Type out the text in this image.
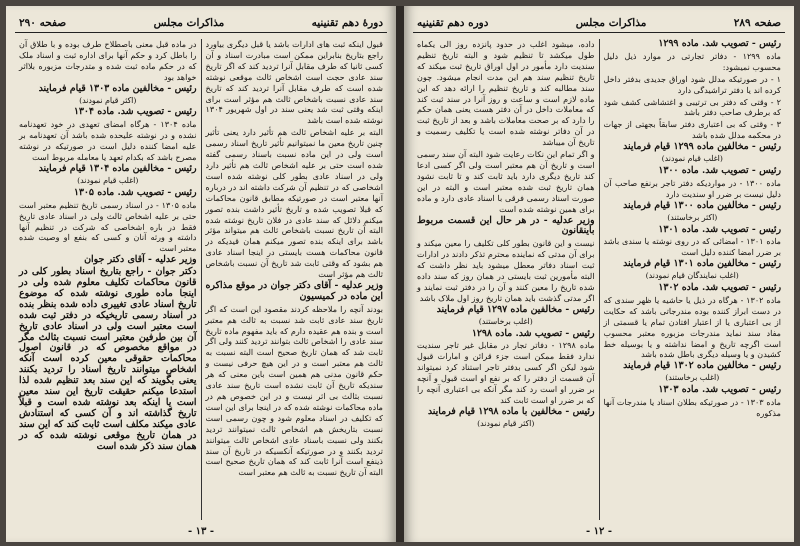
دورهٔ دهم تقنینیه
مذاکرات مجلس
صفحه ۲۹۰

قبول اینکه ثبت های ادارات باشد یا قبل دیگری بیاورد راجع بتاریخ بنابراین ممکن است مبادرت اسناد و آن کسی ثانیا که طرف مقابل آنرا تردید کند که اگر تاریخ سند عادی حجت است اشخاص ثالث موقعی نوشته شده است که طرف مقابل آنرا تردید کند که تاریخ سند عادی نسبت باشخاص ثالث هم مؤثر است برای اینکه وقتی ثبت شد یعنی سند در اول شهریور ۱۳۰۴ نوشته شده است باشد

البته بر علیه اشخاص ثالث هم تأثیر دارد یعنی تأثیر چنین تاریخ معین ما نمیتوانیم تأثیر تاریخ اسناد رسمی است ولی در این ماده نسبت باسناد رسمی گفته شده است حتی بر علیه اشخاص ثالث هم تأثیر دارد ولی در اسناد عادی بطور کلی نوشته شده است اشخاصی که در تنظیم آن شرکت داشته اند در درباره آنها معتبر است در صورتیکه مطابق قانون محاکمات که قبلا تصویب شده و تاریخ تأثیر داشت بنده تصور میکنم دلائل که سند عادی در فلان تاریخ نوشته شده البته آن تاریخ نسبت باشخاص ثالث هم میتواند مؤثر باشد برای اینکه بنده تصور میکنم همان قیدیکه در قانون محاکمات هست بایستی در اینجا اسناد عادی هم بشود که وقتی ثابت شد تاریخ آن نسبت باشخاص ثالث هم مؤثر است

وزیر عدلیه - آقای دکتر جوان در موقع مذاکره این ماده در کمیسیون

بودند آنچه را ملاحظه کردند مقصود این است که اگر تاریخ سند عادی ثابت شد نسبت به ثالث هم معتبر است و بنده هم عقیده دارم که باید مفهوم ماده تاریخ سند عادی را اشخاص ثالث بتوانند تردید کنند ولی اگر ثابت شد که همان تاریخ صحیح است البته نسبت به ثالث هم معتبر است و در این هیچ حرفی نیست و حکم قانون مدنی هم همین است باین معنی که هر سندیکه تاریخ آن ثابت نشده است تاریخ سند عادی نسبت بثالث بی اثر نیست و در این خصوص هم در ماده محاکمات نوشته شده که در اینجا برای این است که تکلیف در اسناد معلوم شود و چون رسمی است نسبت بتاریخش هم اشخاص ثالث نمیتوانند تردید بکنند ولی نسبت باسناد عادی اشخاص ثالث میتوانند تردید بکنند و در صورتیکه آنکسیکه در تاریخ آن سند ذینفع است آنرا ثابت کند که همان تاریخ صحیح است البته آن تاریخ نسبت به ثالث هم معتبر است

در ماده قبل معنی باصطلاح طرف بوده و با طلاق آن را باطل کرد و حکم آنها برای اداره ثبت و اسناد ملک که در حکم ماده ثبت شده و متدرجات مزبوره بلااثر خواهد بود

رئیس - مخالفین ماده ۱۳۰۳ قیام فرمایند

(اکثر قیام نمودند)

رئیس - تصویب شد. ماده ۱۳۰۴

ماده ۱۳۰۴ - هرگاه امضای تعهدی در خود تعهدنامه نشده و در نوشته علیحده شده باشد آن تعهدنامه بر علیه امضا کننده دلیل است در صورتیکه در نوشته مصرح باشد که بکدام تعهد یا معامله مربوط است

رئیس - مخالفین ماده ۱۳۰۴ قیام فرمایند

(اغلب قیام نمودند)

رئیس - تصویب شد. ماده ۱۳۰۵

ماده ۱۳۰۵ - در اسناد رسمی تاریخ تنظیم معتبر است حتی بر علیه اشخاص ثالث ولی در اسناد عادی تاریخ فقط در باره اشخاصی که شرکت در تنظیم آنها داشته و ورثه آنان و کسی که بنفع او وصیت شده معتبر است

وزیر عدلیه - آقای دکتر جوان

دکتر جوان - راجع بتاریخ اسناد بطور کلی در قانون محاکمات تکلیف معلوم شده ولی در اینجا ماده طوری نوشته شده که موضوع تاریخ اسناد عادی تغییری داده شده بنظر بنده در اسناد رسمی تاریخیکه در دفتر ثبت شده است معتبر است ولی در اسناد عادی تاریخ آن بین طرفین معتبر است نسبت بثالث مگر در مواقع مخصوص که در قانون اصول محاکمات حقوقی معین کرده است آنکه اشخاص میتوانند تاریخ اسناد را تردید بکنند یعنی بگویند که این سند بعد تنظیم شده لذا استدعا میکنم حقیقت تاریخ این سند معین است یا اینکه بعد نوشته شده است و قبلاً تاریخ گذاشته اند و آن کسی که استنادش عادی میکند مکلف است ثابت کند که این سند در همان تاریخ موقعی نوشته شده که در همان سند ذکر شده است

- ۱۳ -
صفحه ۲۸۹
مذاکرات مجلس
دوره دهم تقنینیه

رئیس - تصویب شد. ماده ۱۲۹۹

ماده ۱۲۹۹ - دفاتر تجارتی در موارد ذیل دلیل محسوب نمیشود:

۱ - در صورتیکه مدلل شود اوراق جدیدی بدفتر داخل کرده اند یا دفتر تراشیدگی دارد

۲ - وقتی که دفتر بی ترتیبی و اغتشاشی کشف شود که برطرف صاحب دفتر باشد

۳ - وقتی که بی اعتباری دفتر سابقاً بجهتی از جهات در محکمه مدلل شده باشد

رئیس - مخالفین ماده ۱۲۹۹ قیام فرمایند

(اغلب قیام نمودند)

رئیس - تصویب شد. ماده ۱۳۰۰

ماده ۱۳۰۰ - در مواردیکه دفتر تاجر برنفع صاحب آن دلیل نیست بر ضرر او سندیت دارد

رئیس - مخالفین ماده ۱۳۰۰ قیام فرمایند

(اکثر برخاستند)

رئیس - تصویب شد. ماده ۱۳۰۱

ماده ۱۳۰۱ - امضائی که در روی نوشته یا سندی باشد بر ضرر امضا کننده دلیل است

رئیس - مخالفین ماده ۱۳۰۱ قیام فرمایند

(اغلب نمایندگان قیام نمودند)

رئیس - تصویب شد. ماده ۱۳۰۲

ماده ۱۳۰۲ - هرگاه در ذیل یا حاشیه یا ظهر سندی که در دست ابراز کننده بوده مندرجاتی باشد که حکایت از بی اعتباری یا از اعتبار افتادن تمام یا قسمتی از مفاد سند نماید مندرجات مزبوره معتبر محسوب است اگرچه تاریخ و امضا نداشته و یا بوسیله خط کشیدن و یا وسیله دیگری باطل شده باشد

رئیس - مخالفین ماده ۱۳۰۲ قیام فرمایند

(اغلب برخاستند)

رئیس - تصویب شد. ماده ۱۳۰۳

ماده ۱۳۰۳ - در صورتیکه بطلان اسناد یا مندرجات آنها مذکوره

داده، میشود اغلب در حدود پانزده روز الی یکماه طول میکشد تا تنظیم شود و البته تاریخ تنظیم سندیت دارد مأمور در اول اوراق تاریخ ثبت میکند که تاریخ تنظیم سند هم این مدت انجام میشود. چون سند مطالبه کند و تاریخ تنظیم را ارائه دهد که این ماده لازم است و ساعت و روز آنرا در سند ثبت کند که معاملات داخل در آن دفتر هست یعنی همان حکم را دارد که بر صحت معاملات باشد و بعد از تاریخ ثبت در آن دفاتر نوشته شده است یا تکلیف رسمیت و تاریخ آن میباشد

و اگر تمام این نکات رعایت شود البته آن سند رسمی است و تاریخ آن هم معتبر است ولی اگر کسی ادعا کند تاریخ دیگری دارد باید ثابت کند و تا ثابت نشود همان تاریخ ثبت شده معتبر است و البته در این صورت اسناد رسمی فرقی با اسناد عادی دارد و ماده برای همین نوشته شده است

وزیر عدلیه - در هر حال این قسمت مربوط باینقانون

نیست و این قانون بطور کلی تکلیف را معین میکند و برای آن مدتی که نماینده محترم تذکر دادند در ادارات ثبت اسناد دفاتر معطل میشود باید نظر داشت که البته مأمورین ثبت بایستی در همان روز که سند داده شده تاریخ را معین کنند و آن را در دفتر ثبت نمایند و اگر مدتی گذشت باید همان تاریخ روز اول ملاک باشد

رئیس - مخالفین ماده ۱۲۹۷ قیام فرمایند

(اغلب برخاستند)

رئیس - تصویب شد. ماده ۱۲۹۸

ماده ۱۲۹۸ - دفاتر تجار در مقابل غیر تاجر سندیت ندارد فقط ممکن است جزء قرائن و امارات قبول شود لیکن اگر کسی بدفتر تاجر استناد کرد نمیتواند آن قسمت از دفتر را که بر نفع او است قبول و آنچه بر ضرر او است رد کند مگر آنکه بی اعتباری آنچه را که بر ضرر او است ثابت کند

رئیس - مخالفین با ماده ۱۲۹۸ قیام فرمایند

(اکثر قیام نمودند)

- ۱۲ -
